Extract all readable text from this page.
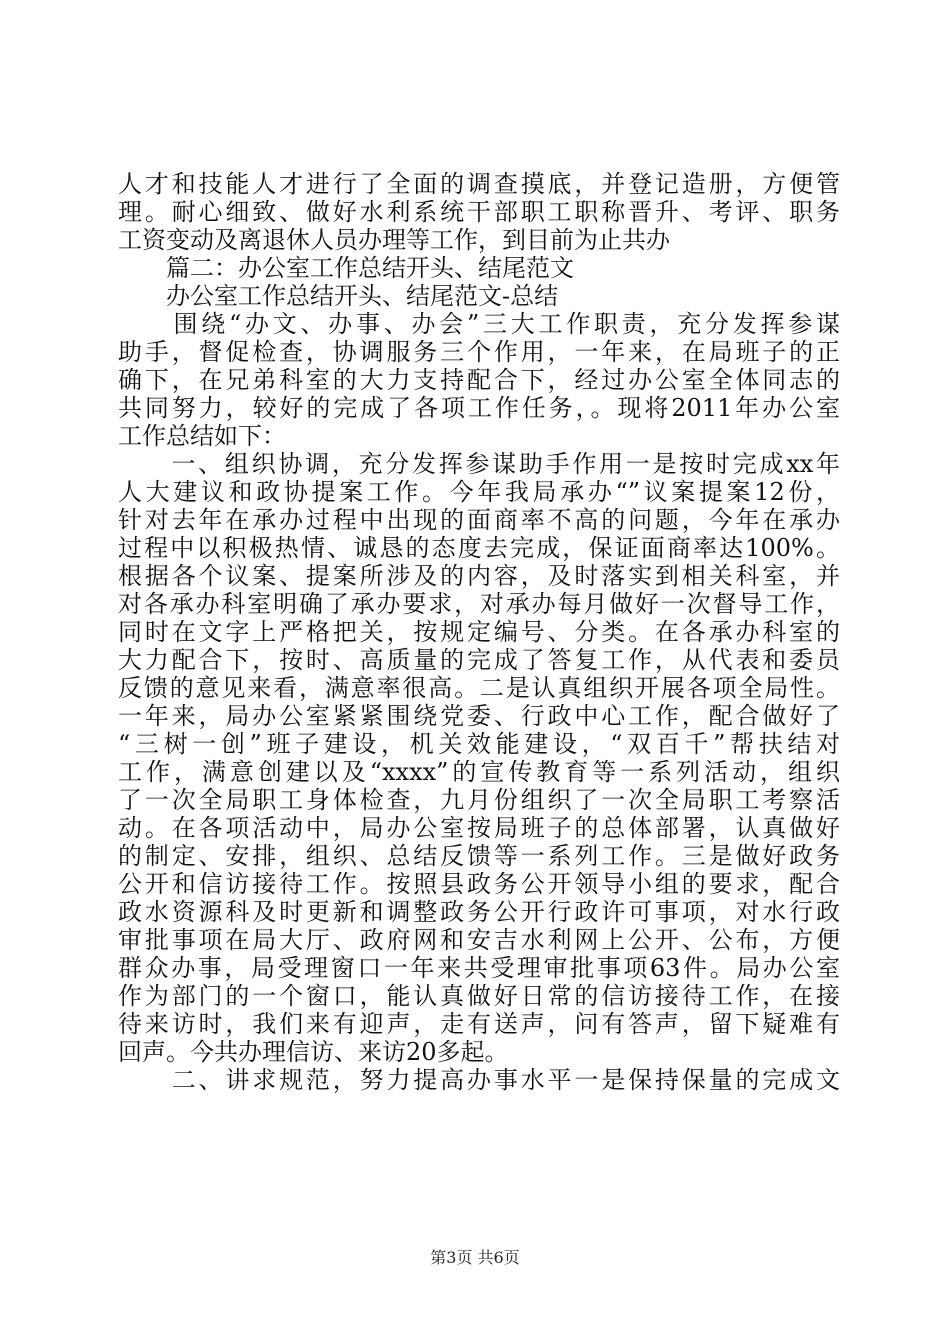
人才和技能人才进行了全面的调查摸底，并登记造册，方便管
理。耐心细致、做好水利系统干部职工职称晋升、考评、职务
工资变动及离退休人员办理等工作，到目前为止共办
　　篇二：办公室工作总结开头、结尾范文
　　办公室工作总结开头、结尾范文-总结
　　围绕“办文、办事、办会”三大工作职责，充分发挥参谋
助手，督促检查，协调服务三个作用，一年来，在局班子的正
确下，在兄弟科室的大力支持配合下，经过办公室全体同志的
共同努力，较好的完成了各项工作任务，。现将2011年办公室
工作总结如下：
　　一、组织协调，充分发挥参谋助手作用一是按时完成xx年
人大建议和政协提案工作。今年我局承办“”议案提案12份，
针对去年在承办过程中出现的面商率不高的问题，今年在承办
过程中以积极热情、诚恳的态度去完成，保证面商率达100%。
根据各个议案、提案所涉及的内容，及时落实到相关科室，并
对各承办科室明确了承办要求，对承办每月做好一次督导工作，
同时在文字上严格把关，按规定编号、分类。在各承办科室的
大力配合下，按时、高质量的完成了答复工作，从代表和委员
反馈的意见来看，满意率很高。二是认真组织开展各项全局性。
一年来，局办公室紧紧围绕党委、行政中心工作，配合做好了
“三树一创”班子建设，机关效能建设，“双百千”帮扶结对
工作，满意创建以及“xxxx”的宣传教育等一系列活动，组织
了一次全局职工身体检查，九月份组织了一次全局职工考察活
动。在各项活动中，局办公室按局班子的总体部署，认真做好
的制定、安排，组织、总结反馈等一系列工作。三是做好政务
公开和信访接待工作。按照县政务公开领导小组的要求，配合
政水资源科及时更新和调整政务公开行政许可事项，对水行政
审批事项在局大厅、政府网和安吉水利网上公开、公布，方便
群众办事，局受理窗口一年来共受理审批事项63件。局办公室
作为部门的一个窗口，能认真做好日常的信访接待工作，在接
待来访时，我们来有迎声，走有送声，问有答声，留下疑难有
回声。今共办理信访、来访20多起。
　　二、讲求规范，努力提高办事水平一是保持保量的完成文
第3页 共6页
